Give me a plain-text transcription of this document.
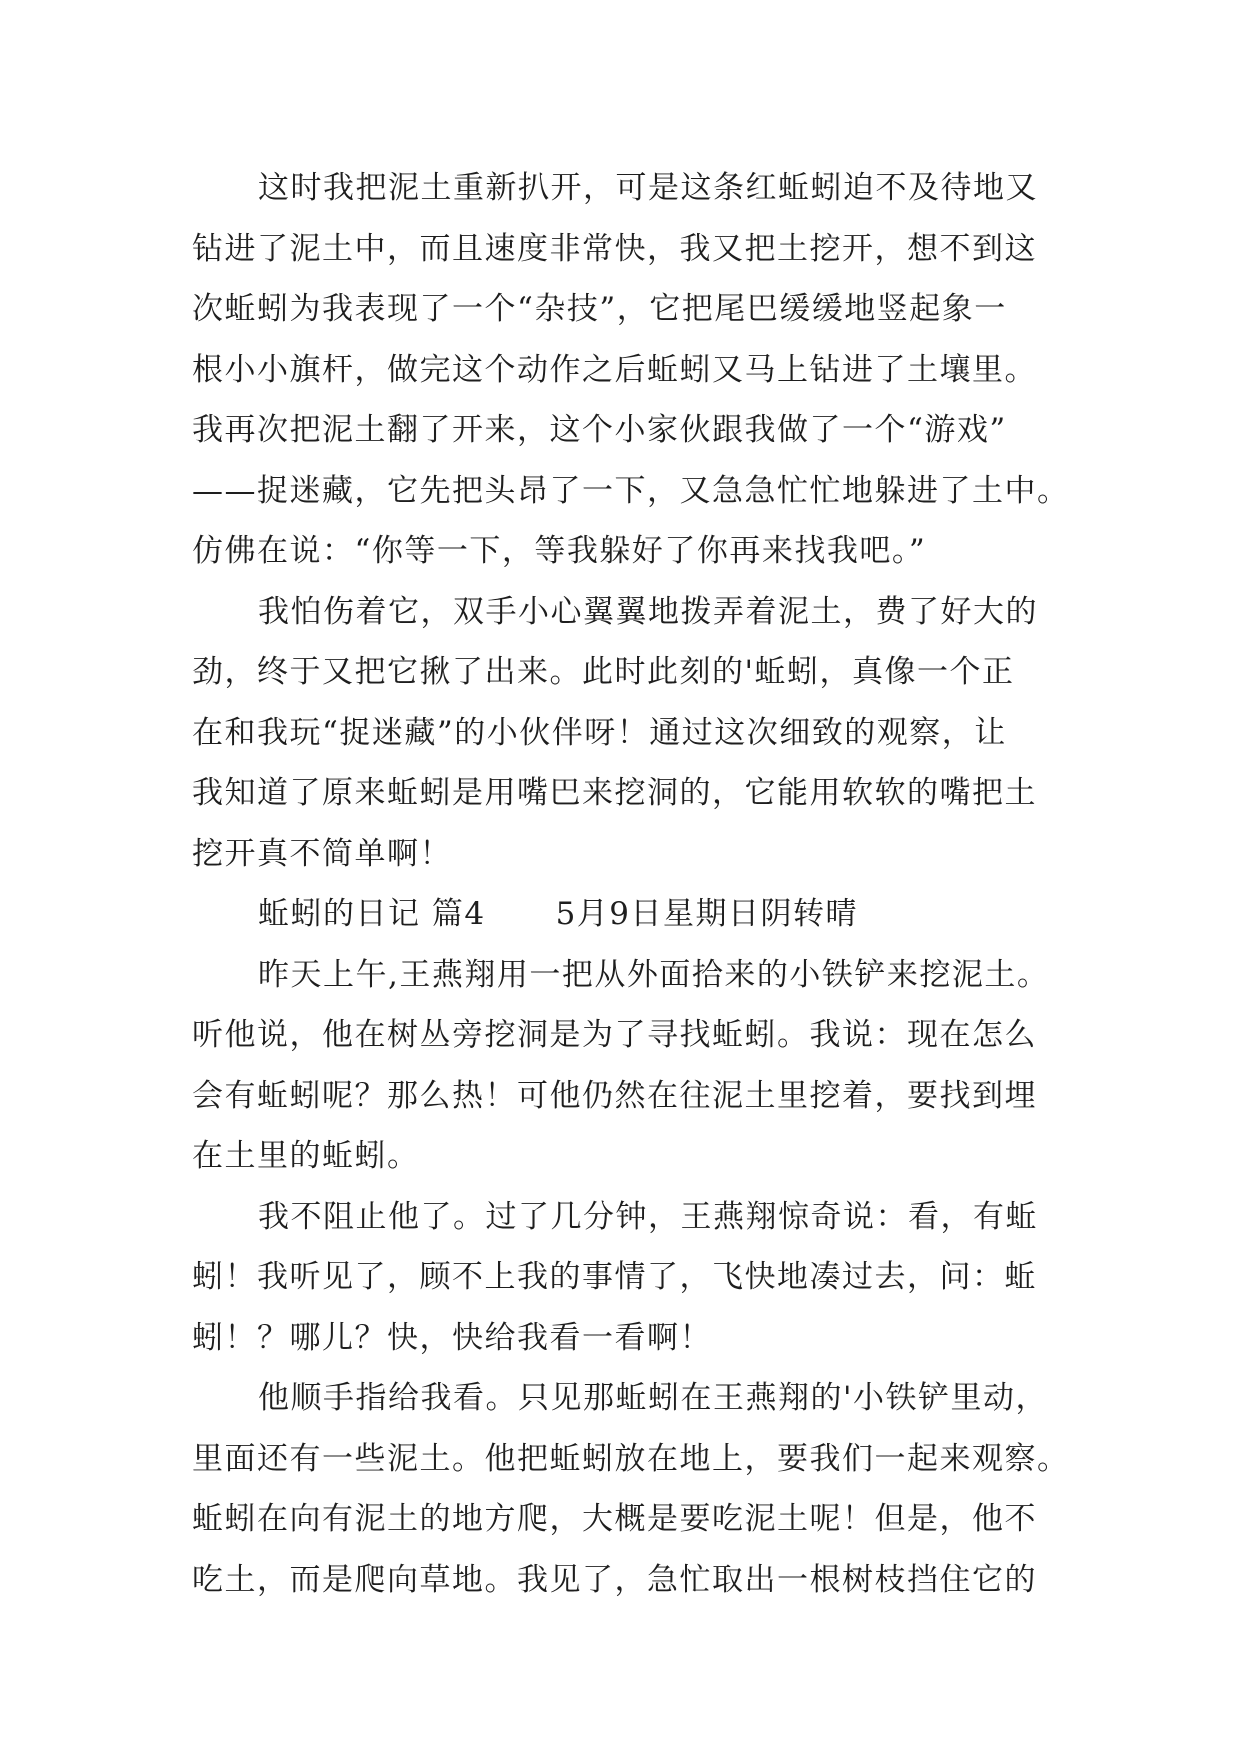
这时我把泥土重新扒开，可是这条红蚯蚓迫不及待地又
钻进了泥土中，而且速度非常快，我又把土挖开，想不到这
次蚯蚓为我表现了一个“杂技”，它把尾巴缓缓地竖起象一
根小小旗杆，做完这个动作之后蚯蚓又马上钻进了土壤里。
我再次把泥土翻了开来，这个小家伙跟我做了一个“游戏”
——捉迷藏，它先把头昂了一下，又急急忙忙地躲进了土中。
仿佛在说：“你等一下，等我躲好了你再来找我吧。”
我怕伤着它，双手小心翼翼地拨弄着泥土，费了好大的
劲，终于又把它揪了出来。此时此刻的'蚯蚓，真像一个正
在和我玩“捉迷藏”的小伙伴呀！通过这次细致的观察，让
我知道了原来蚯蚓是用嘴巴来挖洞的，它能用软软的嘴把土
挖开真不简单啊！
蚯蚓的日记 篇4 5月9日星期日阴转晴
昨天上午,王燕翔用一把从外面拾来的小铁铲来挖泥土。
听他说，他在树丛旁挖洞是为了寻找蚯蚓。我说：现在怎么
会有蚯蚓呢？那么热！可他仍然在往泥土里挖着，要找到埋
在土里的蚯蚓。
我不阻止他了。过了几分钟，王燕翔惊奇说：看，有蚯
蚓！我听见了，顾不上我的事情了，飞快地凑过去，问：蚯
蚓！？哪儿？快，快给我看一看啊！
他顺手指给我看。只见那蚯蚓在王燕翔的'小铁铲里动，
里面还有一些泥土。他把蚯蚓放在地上，要我们一起来观察。
蚯蚓在向有泥土的地方爬，大概是要吃泥土呢！但是，他不
吃土，而是爬向草地。我见了，急忙取出一根树枝挡住它的
